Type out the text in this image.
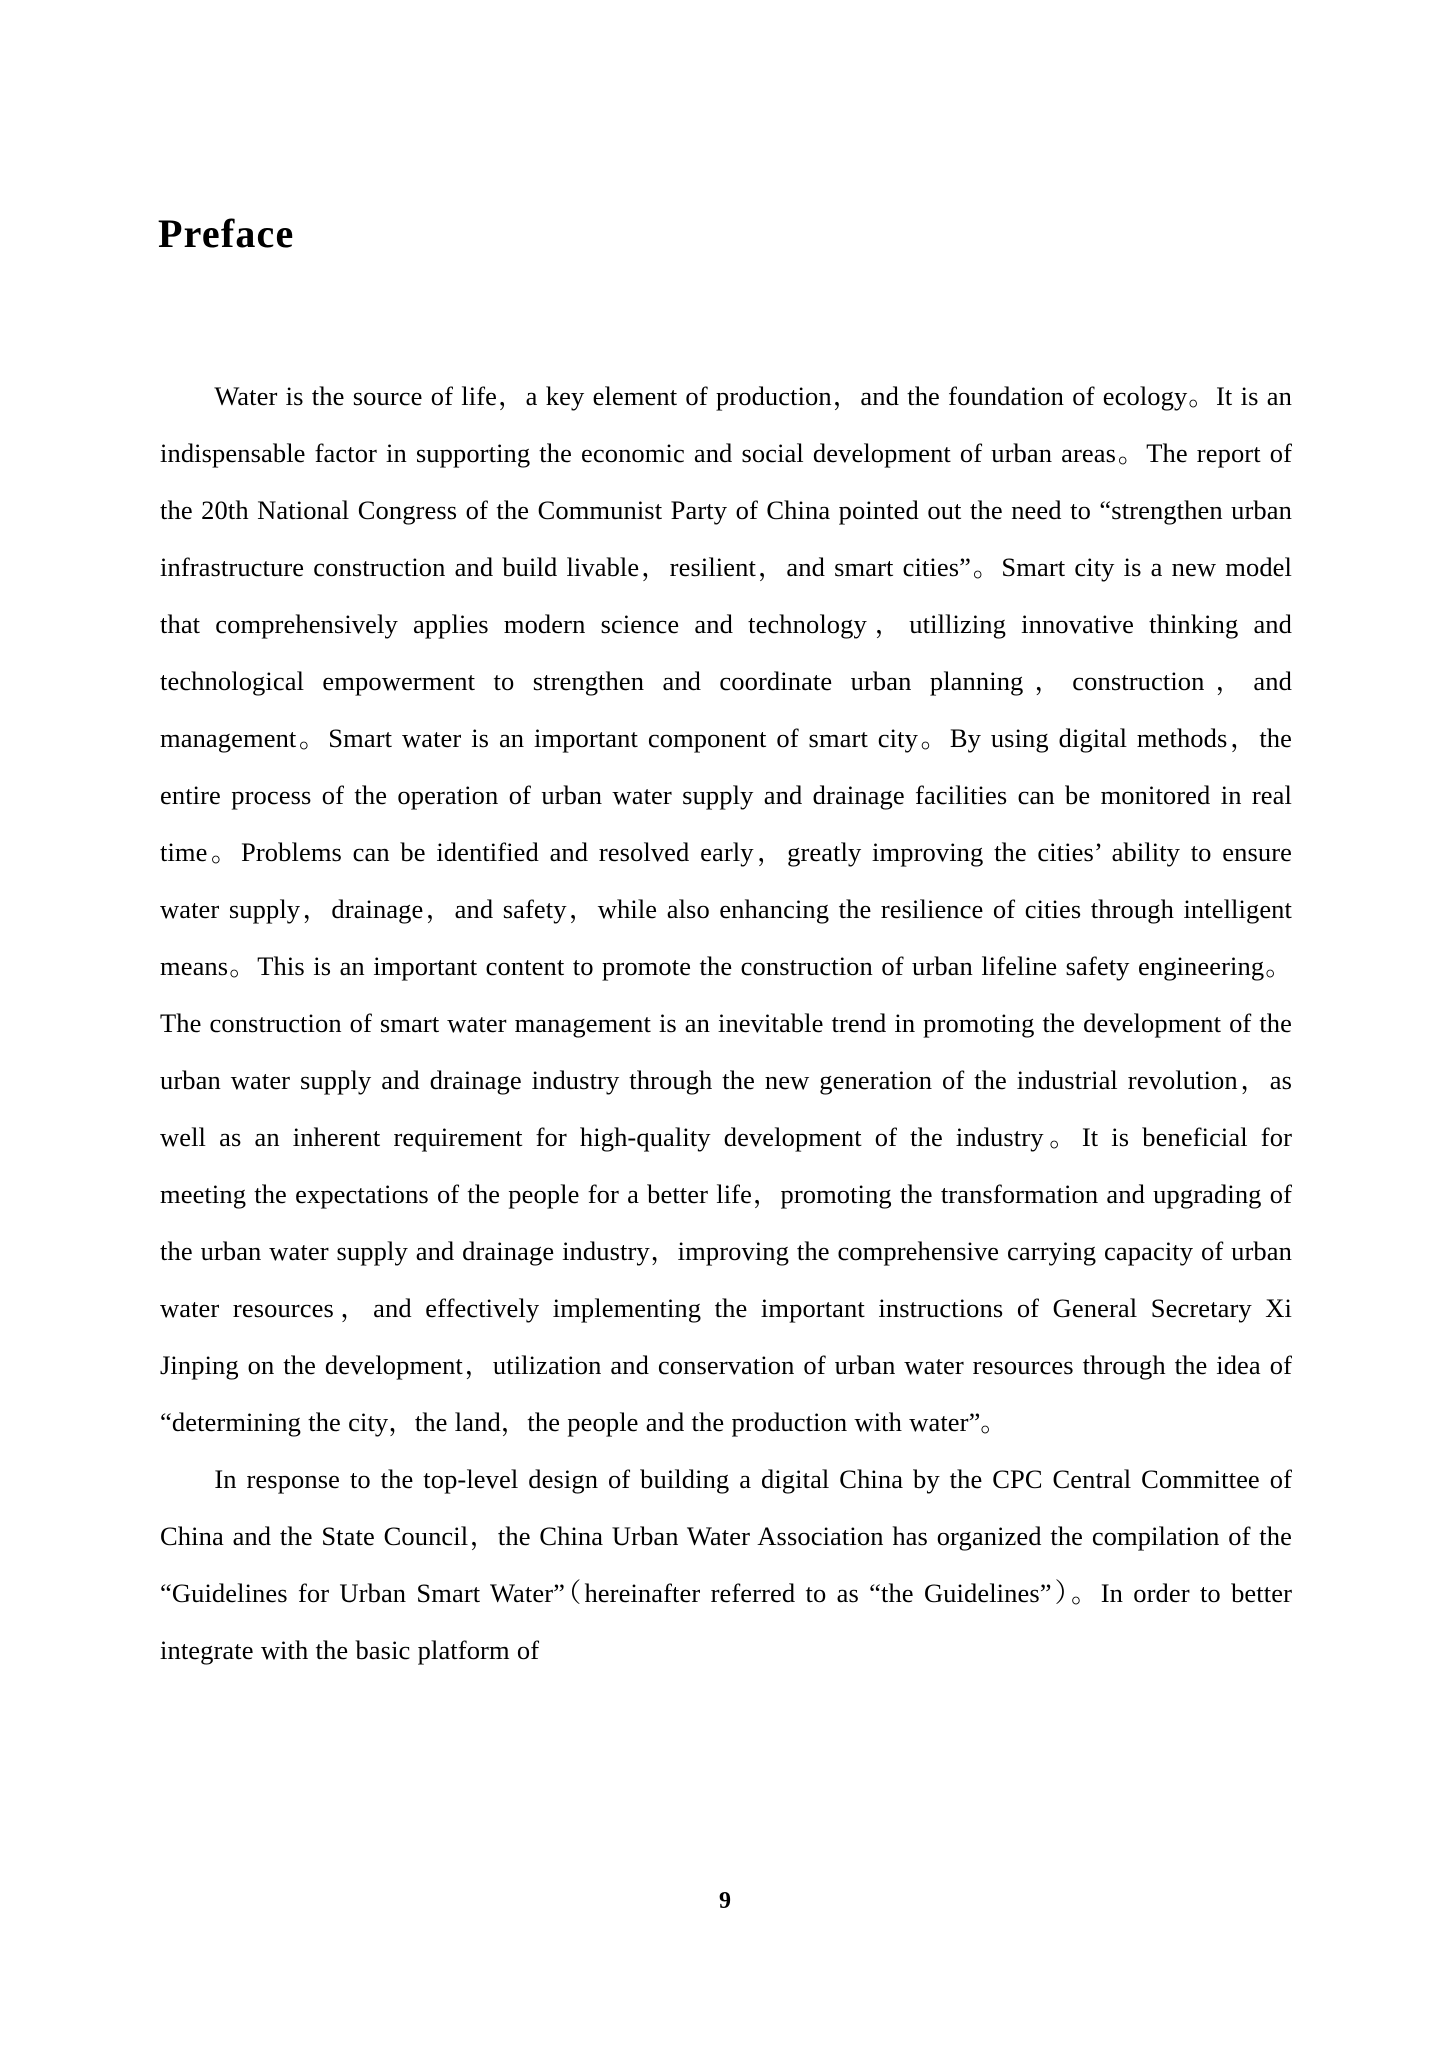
Preface

Water is the source of life，a key element of production，and the foundation of ecology。It is an indispensable factor in supporting the economic and social development of urban areas。The report of the 20th National Congress of the Communist Party of China pointed out the need to “strengthen urban infrastructure construction and build livable，resilient，and smart cities”。Smart city is a new model that comprehensively applies modern science and technology，utillizing innovative thinking and technological empowerment to strengthen and coordinate urban planning，construction，and management。Smart water is an important component of smart city。By using digital methods，the entire process of the operation of urban water supply and drainage facilities can be monitored in real time。Problems can be identified and resolved early，greatly improving the cities’ ability to ensure water supply，drainage，and safety，while also enhancing the resilience of cities through intelligent means。This is an important content to promote the construction of urban lifeline safety engineering。The construction of smart water management is an inevitable trend in promoting the development of the urban water supply and drainage industry through the new generation of the industrial revolution，as well as an inherent requirement for high-quality development of the industry。It is beneficial for meeting the expectations of the people for a better life，promoting the transformation and upgrading of the urban water supply and drainage industry，improving the comprehensive carrying capacity of urban water resources，and effectively implementing the important instructions of General Secretary Xi Jinping on the development，utilization and conservation of urban water resources through the idea of “determining the city，the land，the people and the production with water”。

In response to the top-level design of building a digital China by the CPC Central Committee of China and the State Council，the China Urban Water Association has organized the compilation of the “Guidelines for Urban Smart Water”（hereinafter referred to as “the Guidelines”）。In order to better integrate with the basic platform of

9
